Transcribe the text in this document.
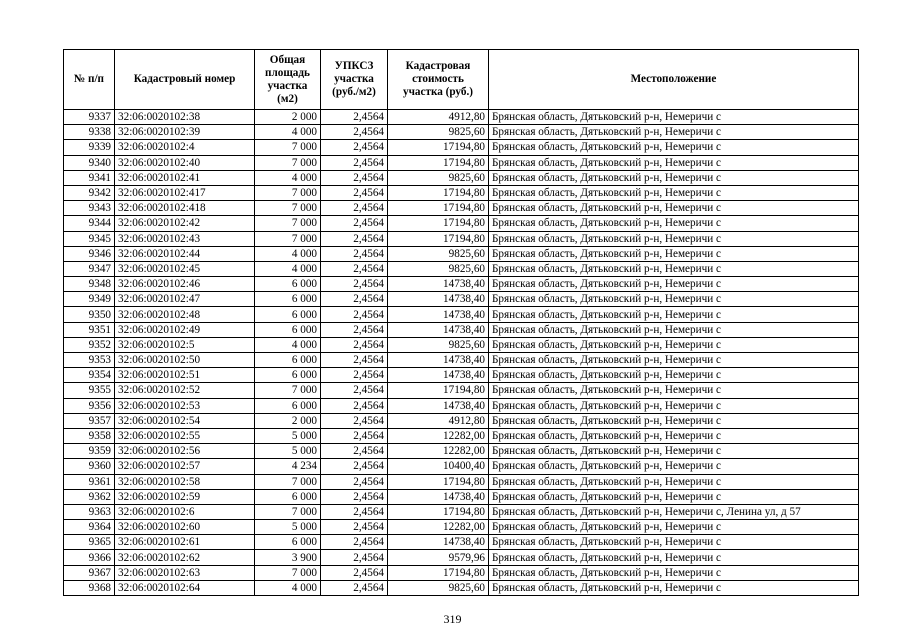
№ п/п	Кадастровый номер	Общая площадь участка (м2)	УПКСЗ участка (руб./м2)	Кадастровая стоимость участка (руб.)	Местоположение
9337	32:06:0020102:38	2 000	2,4564	4912,80	Брянская область, Дятьковский р-н, Немеричи с
9338	32:06:0020102:39	4 000	2,4564	9825,60	Брянская область, Дятьковский р-н, Немеричи с
9339	32:06:0020102:4	7 000	2,4564	17194,80	Брянская область, Дятьковский р-н, Немеричи с
9340	32:06:0020102:40	7 000	2,4564	17194,80	Брянская область, Дятьковский р-н, Немеричи с
9341	32:06:0020102:41	4 000	2,4564	9825,60	Брянская область, Дятьковский р-н, Немеричи с
9342	32:06:0020102:417	7 000	2,4564	17194,80	Брянская область, Дятьковский р-н, Немеричи с
9343	32:06:0020102:418	7 000	2,4564	17194,80	Брянская область, Дятьковский р-н, Немеричи с
9344	32:06:0020102:42	7 000	2,4564	17194,80	Брянская область, Дятьковский р-н, Немеричи с
9345	32:06:0020102:43	7 000	2,4564	17194,80	Брянская область, Дятьковский р-н, Немеричи с
9346	32:06:0020102:44	4 000	2,4564	9825,60	Брянская область, Дятьковский р-н, Немеричи с
9347	32:06:0020102:45	4 000	2,4564	9825,60	Брянская область, Дятьковский р-н, Немеричи с
9348	32:06:0020102:46	6 000	2,4564	14738,40	Брянская область, Дятьковский р-н, Немеричи с
9349	32:06:0020102:47	6 000	2,4564	14738,40	Брянская область, Дятьковский р-н, Немеричи с
9350	32:06:0020102:48	6 000	2,4564	14738,40	Брянская область, Дятьковский р-н, Немеричи с
9351	32:06:0020102:49	6 000	2,4564	14738,40	Брянская область, Дятьковский р-н, Немеричи с
9352	32:06:0020102:5	4 000	2,4564	9825,60	Брянская область, Дятьковский р-н, Немеричи с
9353	32:06:0020102:50	6 000	2,4564	14738,40	Брянская область, Дятьковский р-н, Немеричи с
9354	32:06:0020102:51	6 000	2,4564	14738,40	Брянская область, Дятьковский р-н, Немеричи с
9355	32:06:0020102:52	7 000	2,4564	17194,80	Брянская область, Дятьковский р-н, Немеричи с
9356	32:06:0020102:53	6 000	2,4564	14738,40	Брянская область, Дятьковский р-н, Немеричи с
9357	32:06:0020102:54	2 000	2,4564	4912,80	Брянская область, Дятьковский р-н, Немеричи с
9358	32:06:0020102:55	5 000	2,4564	12282,00	Брянская область, Дятьковский р-н, Немеричи с
9359	32:06:0020102:56	5 000	2,4564	12282,00	Брянская область, Дятьковский р-н, Немеричи с
9360	32:06:0020102:57	4 234	2,4564	10400,40	Брянская область, Дятьковский р-н, Немеричи с
9361	32:06:0020102:58	7 000	2,4564	17194,80	Брянская область, Дятьковский р-н, Немеричи с
9362	32:06:0020102:59	6 000	2,4564	14738,40	Брянская область, Дятьковский р-н, Немеричи с
9363	32:06:0020102:6	7 000	2,4564	17194,80	Брянская область, Дятьковский р-н, Немеричи с, Ленина ул, д 57
9364	32:06:0020102:60	5 000	2,4564	12282,00	Брянская область, Дятьковский р-н, Немеричи с
9365	32:06:0020102:61	6 000	2,4564	14738,40	Брянская область, Дятьковский р-н, Немеричи с
9366	32:06:0020102:62	3 900	2,4564	9579,96	Брянская область, Дятьковский р-н, Немеричи с
9367	32:06:0020102:63	7 000	2,4564	17194,80	Брянская область, Дятьковский р-н, Немеричи с
9368	32:06:0020102:64	4 000	2,4564	9825,60	Брянская область, Дятьковский р-н, Немеричи с
319
